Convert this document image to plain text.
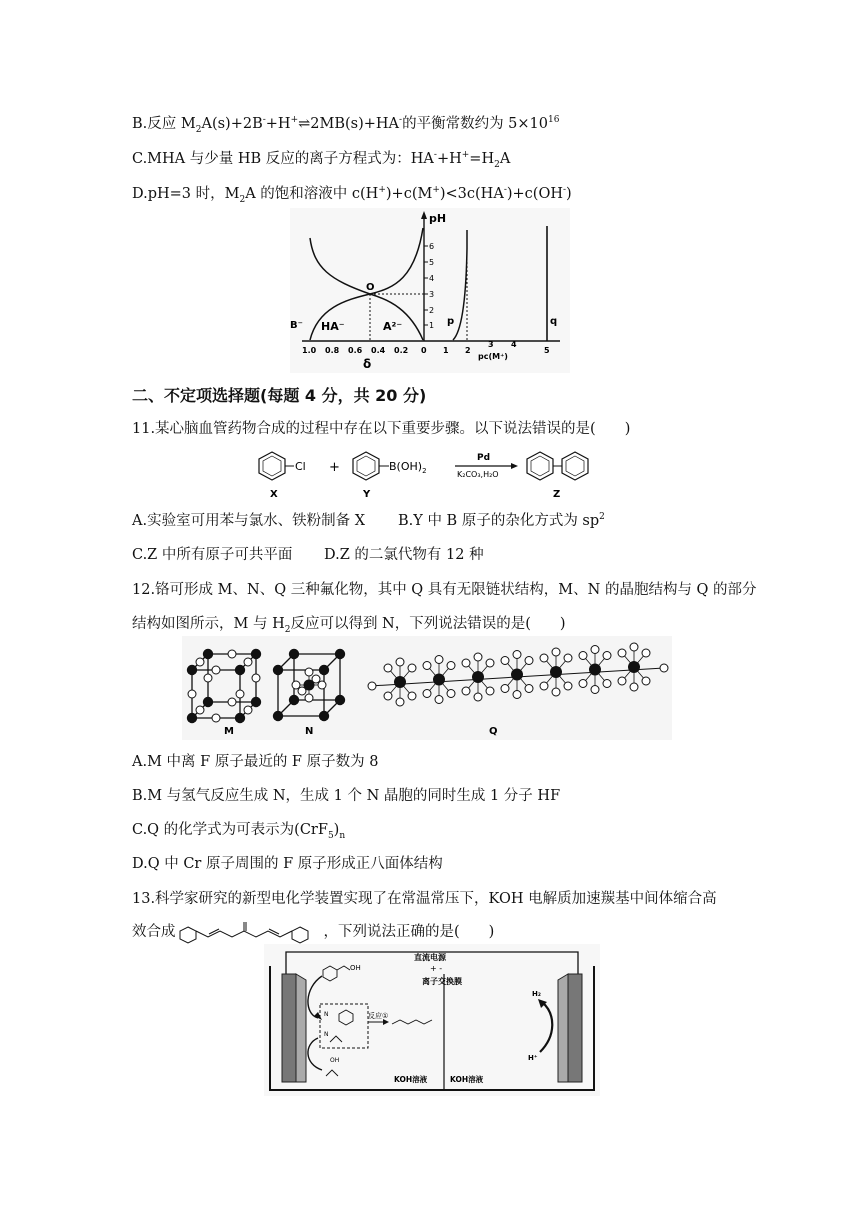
B.反应 $M_2A(s)+2B^-+H^+\rightleftharpoons 2MB(s)+HA^-$的平衡常数约为 $5\times 10^{16}$
C.MHA 与少量 HB 反应的离子方程式为：$HA^-+H^+=H_2A$
D.pH=3 时，$M_2A$ 的饱和溶液中 c(H+)+c(M+)<3c(HA-)+c(OH-)
pH
1
2
3
4
5
6
1.0 0.8 0.6 0.4 0.2 0
δ
1 2
3 4
5
pc(M⁺)
O
B⁻ HA⁻	A²⁻	p	q
二、不定项选择题(每题 4 分，共 20 分)
11.某心脑血管药物合成的过程中存在以下重要步骤。以下说法错误的是(　　)
Cl
X
+	$B(OH)_2$
Y
Pd
K₂CO₃,H₂O
Z
A.实验室可用苯与氯水、铁粉制备 X B.Y 中 B 原子的杂化方式为 $sp^2$
C.Z 中所有原子可共平面 D.Z 的二氯代物有 12 种
12.铬可形成 M、N、Q 三种氟化物，其中 Q 具有无限链状结构，M、N 的晶胞结构与 Q 的部分
结构如图所示，M 与 $H_2$反应可以得到 N，下列说法错误的是(　　)
M	N	Q
A.M 中离 F 原子最近的 F 原子数为 8
B.M 与氢气反应生成 N，生成 1 个 N 晶胞的同时生成 1 分子 HF
C.Q 的化学式为可表示为$(CrF_5)_n$
D.Q 中 Cr 原子周围的 F 原子形成正八面体结构
13.科学家研究的新型电化学装置实现了在常温常压下，KOH 电解质加速羰基中间体缩合高
效合成	，下列说法正确的是(　　)
直流电源
+ -
离子交换膜
KOH溶液	KOH溶液
OH
N
N
反应①
OH
H₂
H⁺
